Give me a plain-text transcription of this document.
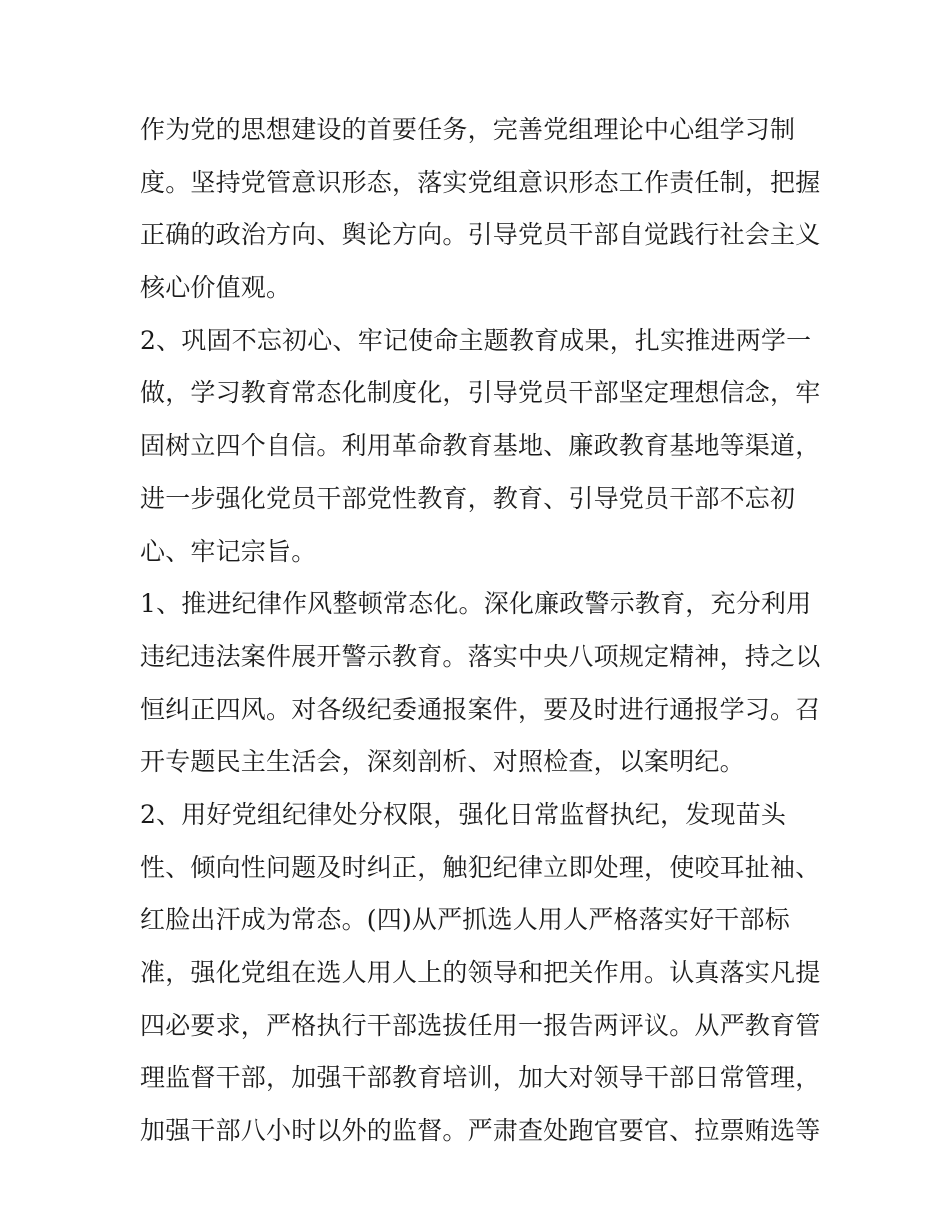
作为党的思想建设的首要任务，完善党组理论中心组学习制
度。坚持党管意识形态，落实党组意识形态工作责任制，把握
正确的政治方向、舆论方向。引导党员干部自觉践行社会主义
核心价值观。
2、巩固不忘初心、牢记使命主题教育成果，扎实推进两学一
做，学习教育常态化制度化，引导党员干部坚定理想信念，牢
固树立四个自信。利用革命教育基地、廉政教育基地等渠道，
进一步强化党员干部党性教育，教育、引导党员干部不忘初
心、牢记宗旨。
1、推进纪律作风整顿常态化。深化廉政警示教育，充分利用
违纪违法案件展开警示教育。落实中央八项规定精神，持之以
恒纠正四风。对各级纪委通报案件，要及时进行通报学习。召
开专题民主生活会，深刻剖析、对照检查，以案明纪。
2、用好党组纪律处分权限，强化日常监督执纪，发现苗头
性、倾向性问题及时纠正，触犯纪律立即处理，使咬耳扯袖、
红脸出汗成为常态。(四)从严抓选人用人严格落实好干部标
准，强化党组在选人用人上的领导和把关作用。认真落实凡提
四必要求，严格执行干部选拔任用一报告两评议。从严教育管
理监督干部，加强干部教育培训，加大对领导干部日常管理，
加强干部八小时以外的监督。严肃查处跑官要官、拉票贿选等
